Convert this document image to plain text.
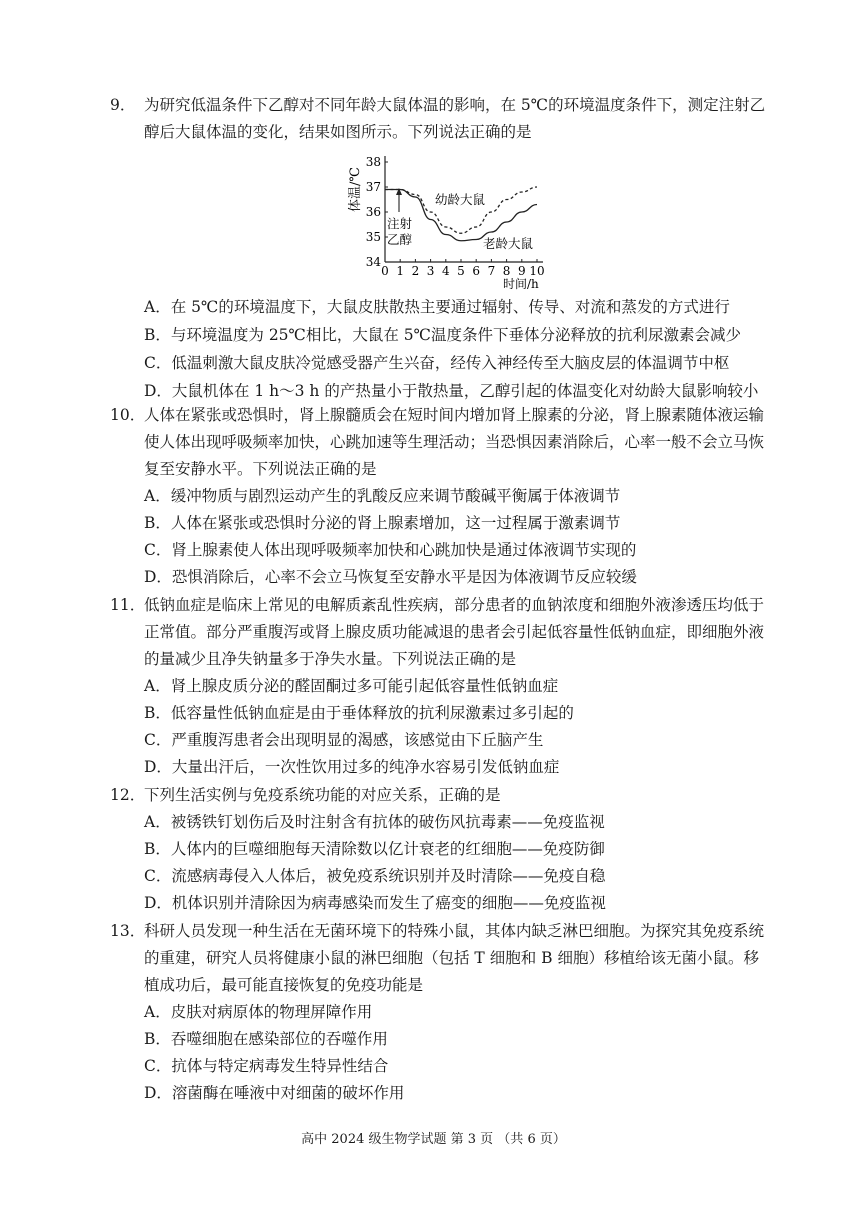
9． 为研究低温条件下乙醇对不同年龄大鼠体温的影响，在 5℃的环境温度条件下，测定注射乙醇后大鼠体温的变化，结果如图所示。下列说法正确的是
0 1 2 3 4 5 6 7 8 9 10
34
35
36
37
38
体温/℃
时间/h
幼龄大鼠
老龄大鼠
注射
乙醇
A．在 5℃的环境温度下，大鼠皮肤散热主要通过辐射、传导、对流和蒸发的方式进行
B．与环境温度为 25℃相比，大鼠在 5℃温度条件下垂体分泌释放的抗利尿激素会减少
C．低温刺激大鼠皮肤冷觉感受器产生兴奋，经传入神经传至大脑皮层的体温调节中枢
D．大鼠机体在 1 h～3 h 的产热量小于散热量，乙醇引起的体温变化对幼龄大鼠影响较小
10．
人体在紧张或恐惧时，肾上腺髓质会在短时间内增加肾上腺素的分泌，肾上腺素随体液运输使人体出现呼吸频率加快，心跳加速等生理活动；当恐惧因素消除后，心率一般不会立马恢复至安静水平。下列说法正确的是
A．缓冲物质与剧烈运动产生的乳酸反应来调节酸碱平衡属于体液调节
B．人体在紧张或恐惧时分泌的肾上腺素增加，这一过程属于激素调节
C．肾上腺素使人体出现呼吸频率加快和心跳加快是通过体液调节实现的
D．恐惧消除后，心率不会立马恢复至安静水平是因为体液调节反应较缓
11．
低钠血症是临床上常见的电解质紊乱性疾病，部分患者的血钠浓度和细胞外液渗透压均低于正常值。部分严重腹泻或肾上腺皮质功能减退的患者会引起低容量性低钠血症，即细胞外液的量减少且净失钠量多于净失水量。下列说法正确的是
A．肾上腺皮质分泌的醛固酮过多可能引起低容量性低钠血症
B．低容量性低钠血症是由于垂体释放的抗利尿激素过多引起的
C．严重腹泻患者会出现明显的渴感，该感觉由下丘脑产生
D．大量出汗后，一次性饮用过多的纯净水容易引发低钠血症
12．
下列生活实例与免疫系统功能的对应关系，正确的是
A．被锈铁钉划伤后及时注射含有抗体的破伤风抗毒素——免疫监视
B．人体内的巨噬细胞每天清除数以亿计衰老的红细胞——免疫防御
C．流感病毒侵入人体后，被免疫系统识别并及时清除——免疫自稳
D．机体识别并清除因为病毒感染而发生了癌变的细胞——免疫监视
13．
科研人员发现一种生活在无菌环境下的特殊小鼠，其体内缺乏淋巴细胞。为探究其免疫系统的重建，研究人员将健康小鼠的淋巴细胞（包括 T 细胞和 B 细胞）移植给该无菌小鼠。移植成功后，最可能直接恢复的免疫功能是
A．皮肤对病原体的物理屏障作用
B．吞噬细胞在感染部位的吞噬作用
C．抗体与特定病毒发生特异性结合
D．溶菌酶在唾液中对细菌的破坏作用
高中 2024 级生物学试题 第 3 页 （共 6 页）
